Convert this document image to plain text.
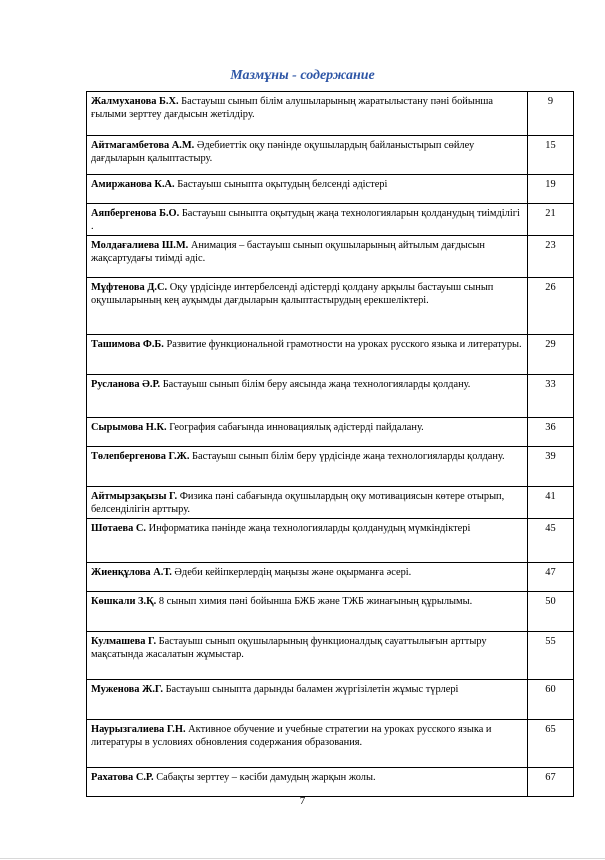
Мазмұны - содержание
Жалмуханова Б.Х. Бастауыш сынып білім алушыларының жаратылыстану пәні бойынша ғылыми зерттеу дағдысын жетілдіру.	9
Айтмагамбетова А.М. Әдебиеттік оқу пәнінде оқушылардың байланыстырып сөйлеу дағдыларын қалыптастыру.	15
Амиржанова К.А. Бастауыш сыныпта оқытудың белсенді әдістері	19
Аяпбергенова Б.О. Бастауыш сыныпта оқытудың жаңа технологияларын қолданудың тиімділігі .	21
Молдағалиева Ш.М. Анимация – бастауыш сынып оқушыларының айтылым дағдысын жақсартудағы тиімді әдіс.	23
Мұфтенова Д.С. Оқу үрдісінде интербелсенді әдістерді қолдану арқылы бастауыш сынып оқушыларының кең ауқымды дағдыларын қалыптастырудың ерекшеліктері.	26
Ташимова Ф.Б. Развитие функциональной грамотности на уроках русского языка и литературы.	29
Русланова Ә.Р. Бастауыш сынып білім беру аясында жаңа технологияларды қолдану.	33
Сырымова Н.К. География сабағында инновациялық әдістерді пайдалану.	36
Төлепбергенова Г.Ж. Бастауыш сынып білім беру үрдісінде жаңа технологияларды қолдану.	39
Айтмырзақызы Г. Физика пәні сабағында оқушылардың оқу мотивациясын көтере отырып, белсенділігін арттыру.	41
Шотаева С. Информатика пәнінде жаңа технологияларды қолданудың мүмкіндіктері	45
Жиенқұлова А.Т. Әдеби кейіпкерлердің маңызы және оқырманға әсері.	47
Көшкали З.Қ. 8 сынып химия пәні бойынша БЖБ және ТЖБ жинағының құрылымы.	50
Кулмашева Г. Бастауыш сынып оқушыларының функционалдық сауаттылығын арттыру мақсатында жасалатын жұмыстар.	55
Муженова Ж.Г. Бастауыш сыныпта дарынды баламен жүргізілетін жұмыс түрлері	60
Наурызгалиева Г.Н. Активное обучение и учебные стратегии на уроках русского языка и литературы в условиях обновления содержания образования.	65
Рахатова С.Р. Сабақты зерттеу – кәсіби дамудың жарқын жолы.	67
7
